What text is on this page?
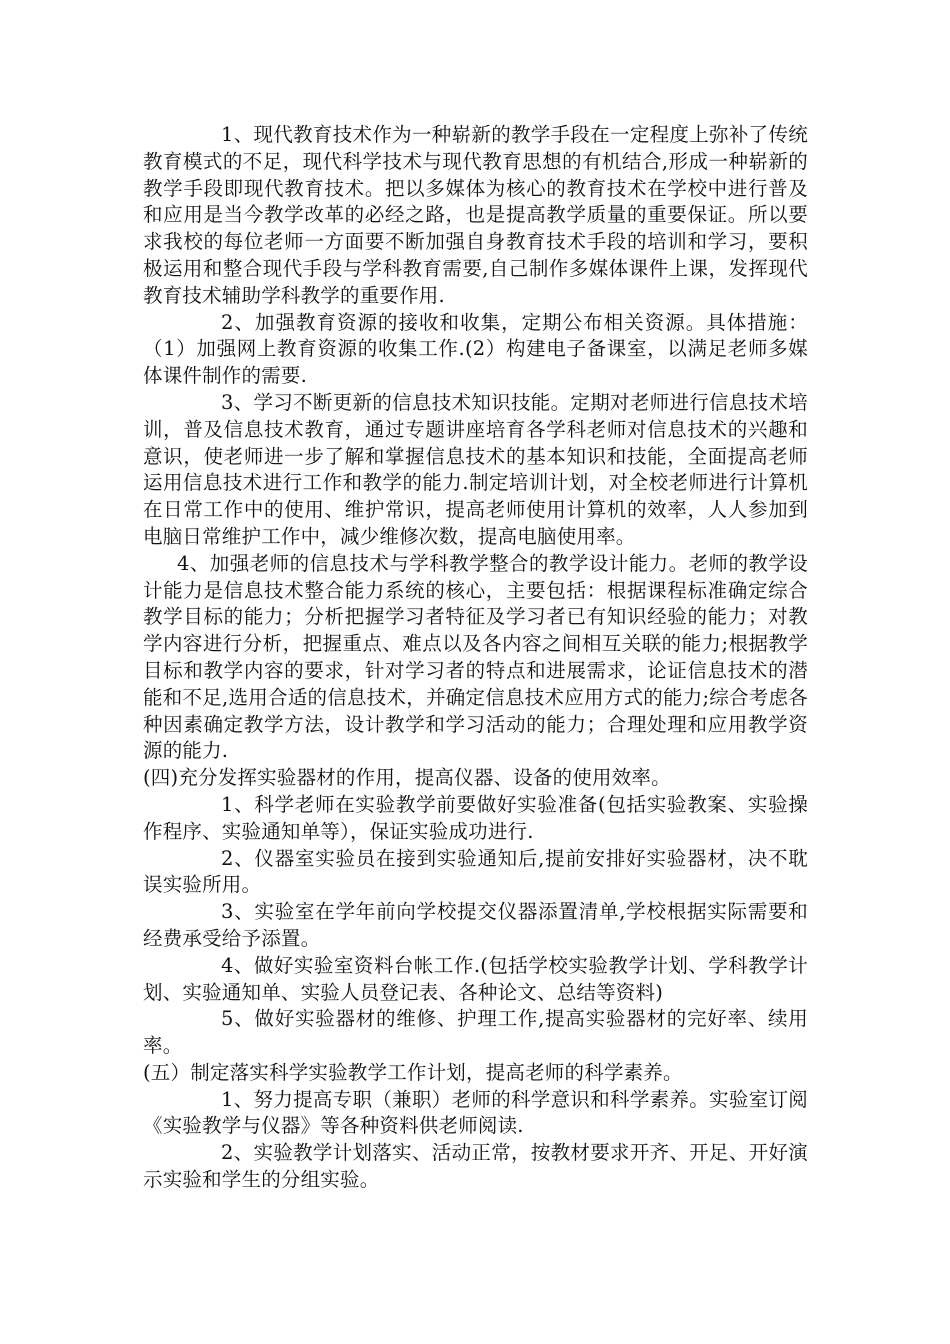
1、现代教育技术作为一种崭新的教学手段在一定程度上弥补了传统教育模式的不足，现代科学技术与现代教育思想的有机结合,形成一种崭新的教学手段即现代教育技术。把以多媒体为核心的教育技术在学校中进行普及和应用是当今教学改革的必经之路，也是提高教学质量的重要保证。所以要求我校的每位老师一方面要不断加强自身教育技术手段的培训和学习，要积极运用和整合现代手段与学科教育需要,自己制作多媒体课件上课，发挥现代教育技术辅助学科教学的重要作用.

2、加强教育资源的接收和收集，定期公布相关资源。具体措施：（1）加强网上教育资源的收集工作.(2）构建电子备课室，以满足老师多媒体课件制作的需要.

3、学习不断更新的信息技术知识技能。定期对老师进行信息技术培训，普及信息技术教育，通过专题讲座培育各学科老师对信息技术的兴趣和意识，使老师进一步了解和掌握信息技术的基本知识和技能，全面提高老师运用信息技术进行工作和教学的能力.制定培训计划，对全校老师进行计算机在日常工作中的使用、维护常识，提高老师使用计算机的效率，人人参加到电脑日常维护工作中，减少维修次数，提高电脑使用率。

4、加强老师的信息技术与学科教学整合的教学设计能力。老师的教学设计能力是信息技术整合能力系统的核心，主要包括：根据课程标准确定综合教学目标的能力；分析把握学习者特征及学习者已有知识经验的能力；对教学内容进行分析，把握重点、难点以及各内容之间相互关联的能力;根据教学目标和教学内容的要求，针对学习者的特点和进展需求，论证信息技术的潜能和不足,选用合适的信息技术，并确定信息技术应用方式的能力;综合考虑各种因素确定教学方法，设计教学和学习活动的能力；合理处理和应用教学资源的能力.

(四)充分发挥实验器材的作用，提高仪器、设备的使用效率。

1、科学老师在实验教学前要做好实验准备(包括实验教案、实验操作程序、实验通知单等），保证实验成功进行.

2、仪器室实验员在接到实验通知后,提前安排好实验器材，决不耽误实验所用。

3、实验室在学年前向学校提交仪器添置清单,学校根据实际需要和经费承受给予添置。

4、做好实验室资料台帐工作.(包括学校实验教学计划、学科教学计划、实验通知单、实验人员登记表、各种论文、总结等资料)

5、做好实验器材的维修、护理工作,提高实验器材的完好率、续用率。

(五）制定落实科学实验教学工作计划，提高老师的科学素养。

1、努力提高专职（兼职）老师的科学意识和科学素养。实验室订阅《实验教学与仪器》等各种资料供老师阅读.

2、实验教学计划落实、活动正常，按教材要求开齐、开足、开好演示实验和学生的分组实验。
